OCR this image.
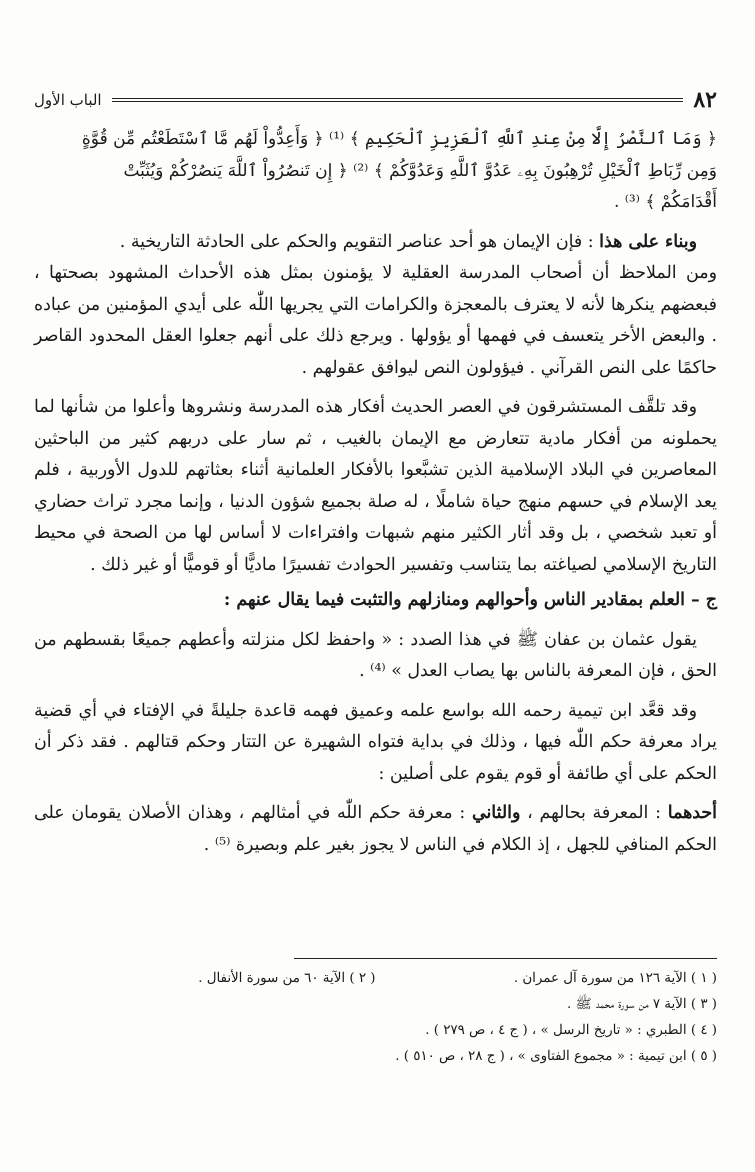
٨٢
الباب الأول

﴿ وَمَا ٱلنَّصْرُ إِلَّا مِنْ عِندِ ٱللَّهِ ٱلْعَزِيزِ ٱلْحَكِيمِ ﴾ ⁽¹⁾ ﴿ وَأَعِدُّواْ لَهُم مَّا ٱسْتَطَعْتُم مِّن قُوَّةٍ

وَمِن رِّبَاطِ ٱلْخَيْلِ تُرْهِبُونَ بِهِۦ عَدُوَّ ٱللَّهِ وَعَدُوَّكُمْ ﴾ ⁽²⁾ ﴿ إِن تَنصُرُواْ ٱللَّهَ يَنصُرْكُمْ وَيُثَبِّتْ

أَقْدَامَكُمْ ﴾ ⁽³⁾ .

وبناء على هذا : فإن الإيمان هو أحد عناصر التقويم والحكم على الحادثة التاريخية .

ومن الملاحظ أن أصحاب المدرسة العقلية لا يؤمنون بمثل هذه الأحداث المشهود بصحتها ، فبعضهم ينكرها لأنه لا يعترف بالمعجزة والكرامات التي يجريها اللّٰه على أيدي المؤمنين من عباده . والبعض الأخر يتعسف في فهمها أو يؤولها . ويرجع ذلك على أنهم جعلوا العقل المحدود القاصر حاكمًا على النص القرآني . فيؤولون النص ليوافق عقولهم .

وقد تلقَّف المستشرقون في العصر الحديث أفكار هذه المدرسة ونشروها وأعلوا من شأنها لما يحملونه من أفكار مادية تتعارض مع الإيمان بالغيب ، ثم سار على دربهم كثير من الباحثين المعاصرين في البلاد الإسلامية الذين تشبَّعوا بالأفكار العلمانية أثناء بعثاتهم للدول الأوربية ، فلم يعد الإسلام في حسهم منهج حياة شاملًا ، له صلة بجميع شؤون الدنيا ، وإنما مجرد تراث حضاري أو تعبد شخصي ، بل وقد أثار الكثير منهم شبهات وافتراءات لا أساس لها من الصحة في محيط التاريخ الإسلامي لصياغته بما يتناسب وتفسير الحوادث تفسيرًا ماديًّا أو قوميًّا أو غير ذلك .

ج – العلم بمقادير الناس وأحوالهم ومنازلهم والتثبت فيما يقال عنهم :

يقول عثمان بن عفان ﷺ في هذا الصدد : « واحفظ لكل منزلته وأعطهم جميعًا بقسطهم من الحق ، فإن المعرفة بالناس بها يصاب العدل » ⁽⁴⁾ .

وقد قعَّد ابن تيمية رحمه الله بواسع علمه وعميق فهمه قاعدة جليلةً في الإفتاء في أي قضية يراد معرفة حكم اللّٰه فيها ، وذلك في بداية فتواه الشهيرة عن التتار وحكم قتالهم . فقد ذكر أن الحكم على أي طائفة أو قوم يقوم على أصلين :

أحدهما : المعرفة بحالهم ، والثاني : معرفة حكم اللّٰه في أمثالهم ، وهذان الأصلان يقومان على الحكم المنافي للجهل ، إذ الكلام في الناس لا يجوز بغير علم وبصيرة ⁽⁵⁾ .

( ١ ) الآية ١٢٦ من سورة آل عمران .
( ٢ ) الآية ٦٠ من سورة الأنفال .
( ٣ ) الآية ٧ من سورة محمد ﷺ .
( ٤ ) الطبري : « تاريخ الرسل » ، ( ج ٤ ، ص ٢٧٩ ) .
( ٥ ) ابن تيمية : « مجموع الفتاوى » ، ( ج ٢٨ ، ص ٥١٠ ) .
